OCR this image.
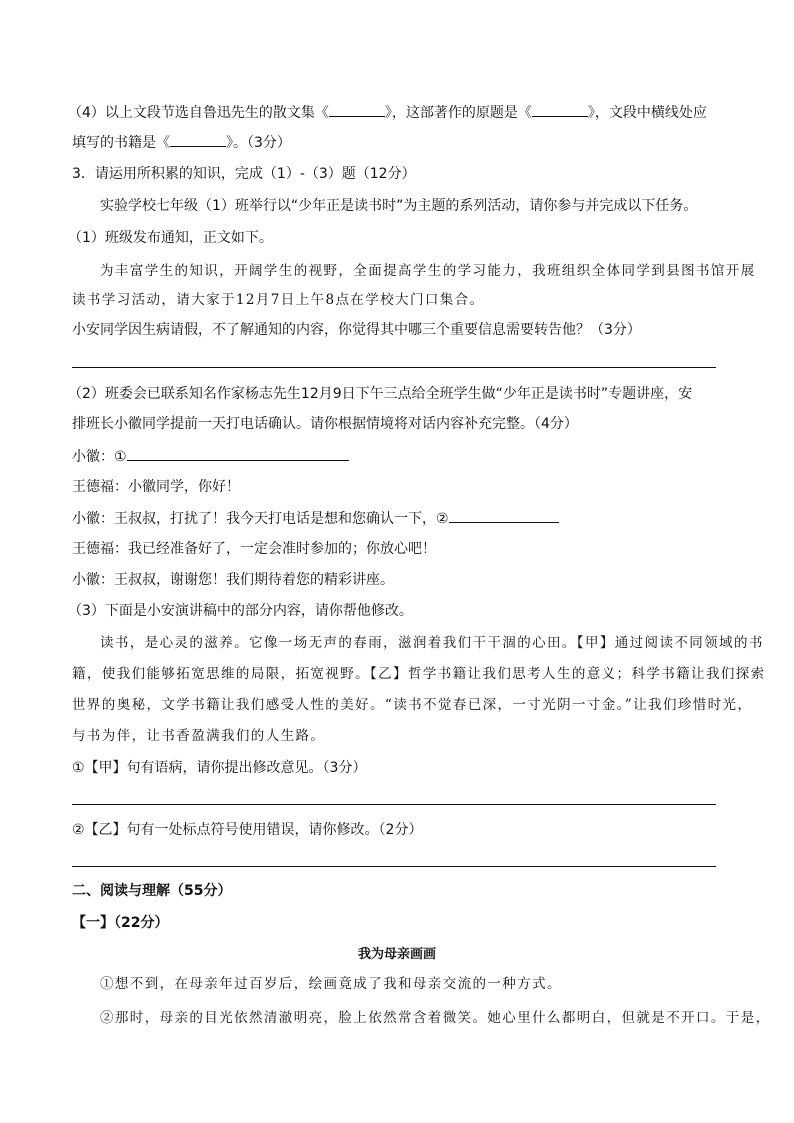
（4）以上文段节选自鲁迅先生的散文集《	》，这部著作的原题是《	》，文段中横线处应
填写的书籍是《	》。（3分）
3．请运用所积累的知识，完成（1）-（3）题（12分）
实验学校七年级（1）班举行以“少年正是读书时”为主题的系列活动，请你参与并完成以下任务。
（1）班级发布通知，正文如下。
为丰富学生的知识，开阔学生的视野，全面提高学生的学习能力，我班组织全体同学到县图书馆开展
读书学习活动，请大家于12月7日上午8点在学校大门口集合。
小安同学因生病请假，不了解通知的内容，你觉得其中哪三个重要信息需要转告他？（3分）
（2）班委会已联系知名作家杨志先生12月9日下午三点给全班学生做“少年正是读书时”专题讲座，安
排班长小徽同学提前一天打电话确认。请你根据情境将对话内容补充完整。（4分）
小徽：①
王德福：小徽同学，你好！
小徽：王叔叔，打扰了！我今天打电话是想和您确认一下，②
王德福：我已经准备好了，一定会准时参加的；你放心吧！
小徽：王叔叔，谢谢您！我们期待着您的精彩讲座。
（3）下面是小安演讲稿中的部分内容，请你帮他修改。
读书，是心灵的滋养。它像一场无声的春雨，滋润着我们干干涸的心田。【甲】通过阅读不同领域的书
籍，使我们能够拓宽思维的局限，拓宽视野。【乙】哲学书籍让我们思考人生的意义；科学书籍让我们探索
世界的奥秘，文学书籍让我们感受人性的美好。“读书不觉春已深，一寸光阴一寸金。”让我们珍惜时光，
与书为伴，让书香盈满我们的人生路。
①【甲】句有语病，请你提出修改意见。（3分）
②【乙】句有一处标点符号使用错误，请你修改。（2分）
二、阅读与理解（55分）
【一】（22分）
我为母亲画画
①想不到，在母亲年过百岁后，绘画竟成了我和母亲交流的一种方式。
②那时，母亲的目光依然清澈明亮，脸上依然常含着微笑。她心里什么都明白，但就是不开口。于是，
